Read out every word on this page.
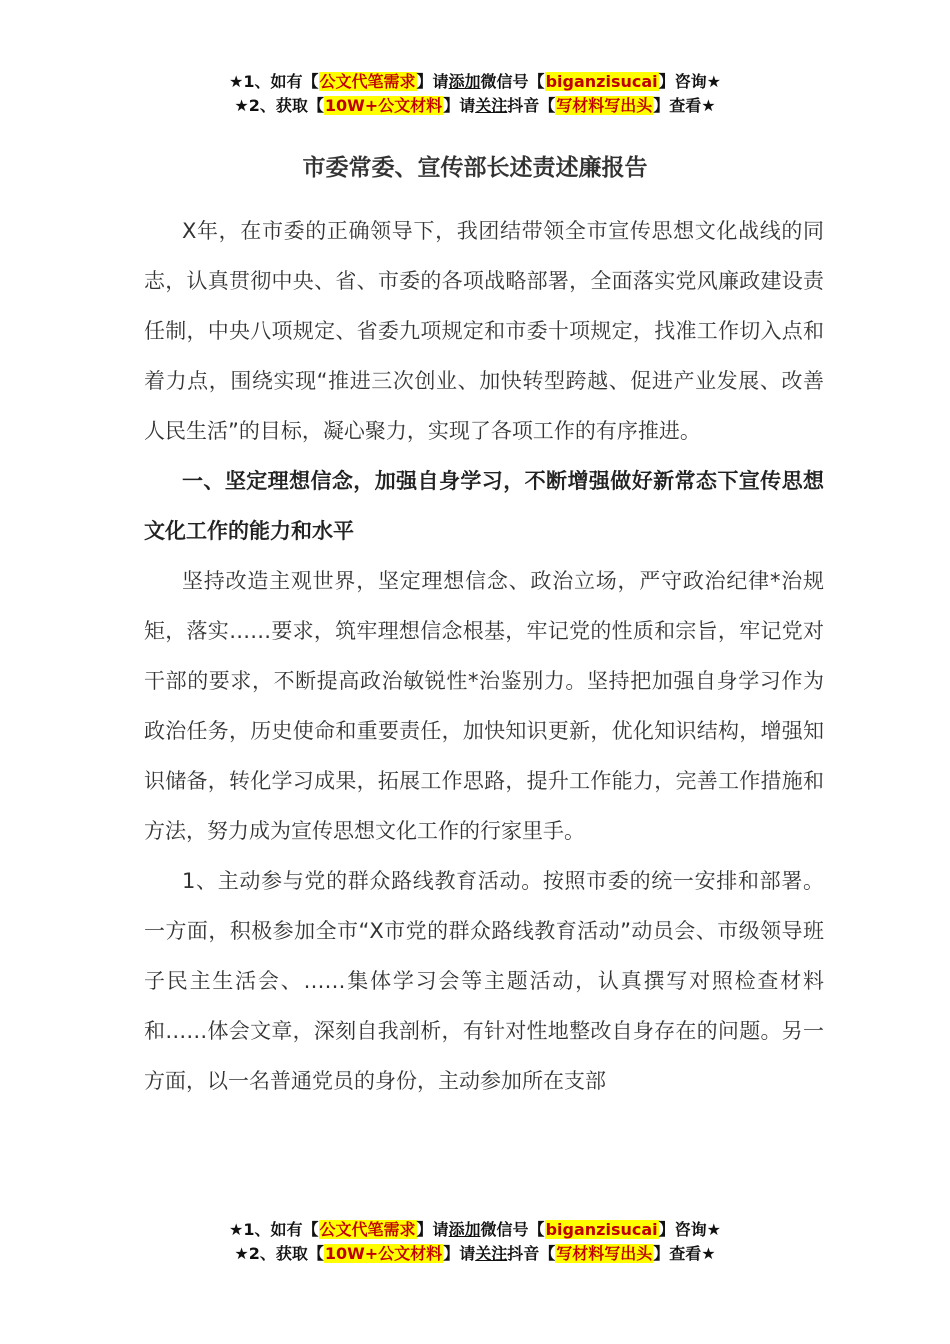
★1、如有【公文代笔需求】请添加微信号【biganzisucai】咨询★
★2、获取【10W+公文材料】请关注抖音【写材料写出头】查看★
市委常委、宣传部长述责述廉报告

X年，在市委的正确领导下，我团结带领全市宣传思想文化战线的同志，认真贯彻中央、省、市委的各项战略部署，全面落实党风廉政建设责任制，中央八项规定、省委九项规定和市委十项规定，找准工作切入点和着力点，围绕实现“推进三次创业、加快转型跨越、促进产业发展、改善人民生活”的目标，凝心聚力，实现了各项工作的有序推进。

一、坚定理想信念，加强自身学习，不断增强做好新常态下宣传思想文化工作的能力和水平

坚持改造主观世界，坚定理想信念、政治立场，严守政治纪律*治规矩，落实……要求，筑牢理想信念根基，牢记党的性质和宗旨，牢记党对干部的要求，不断提高政治敏锐性*治鉴别力。坚持把加强自身学习作为政治任务，历史使命和重要责任，加快知识更新，优化知识结构，增强知识储备，转化学习成果，拓展工作思路，提升工作能力，完善工作措施和方法，努力成为宣传思想文化工作的行家里手。

1、主动参与党的群众路线教育活动。按照市委的统一安排和部署。一方面，积极参加全市“X市党的群众路线教育活动”动员会、市级领导班子民主生活会、……集体学习会等主题活动，认真撰写对照检查材料和……体会文章，深刻自我剖析，有针对性地整改自身存在的问题。另一方面，以一名普通党员的身份，主动参加所在支部

★1、如有【公文代笔需求】请添加微信号【biganzisucai】咨询★
★2、获取【10W+公文材料】请关注抖音【写材料写出头】查看★
